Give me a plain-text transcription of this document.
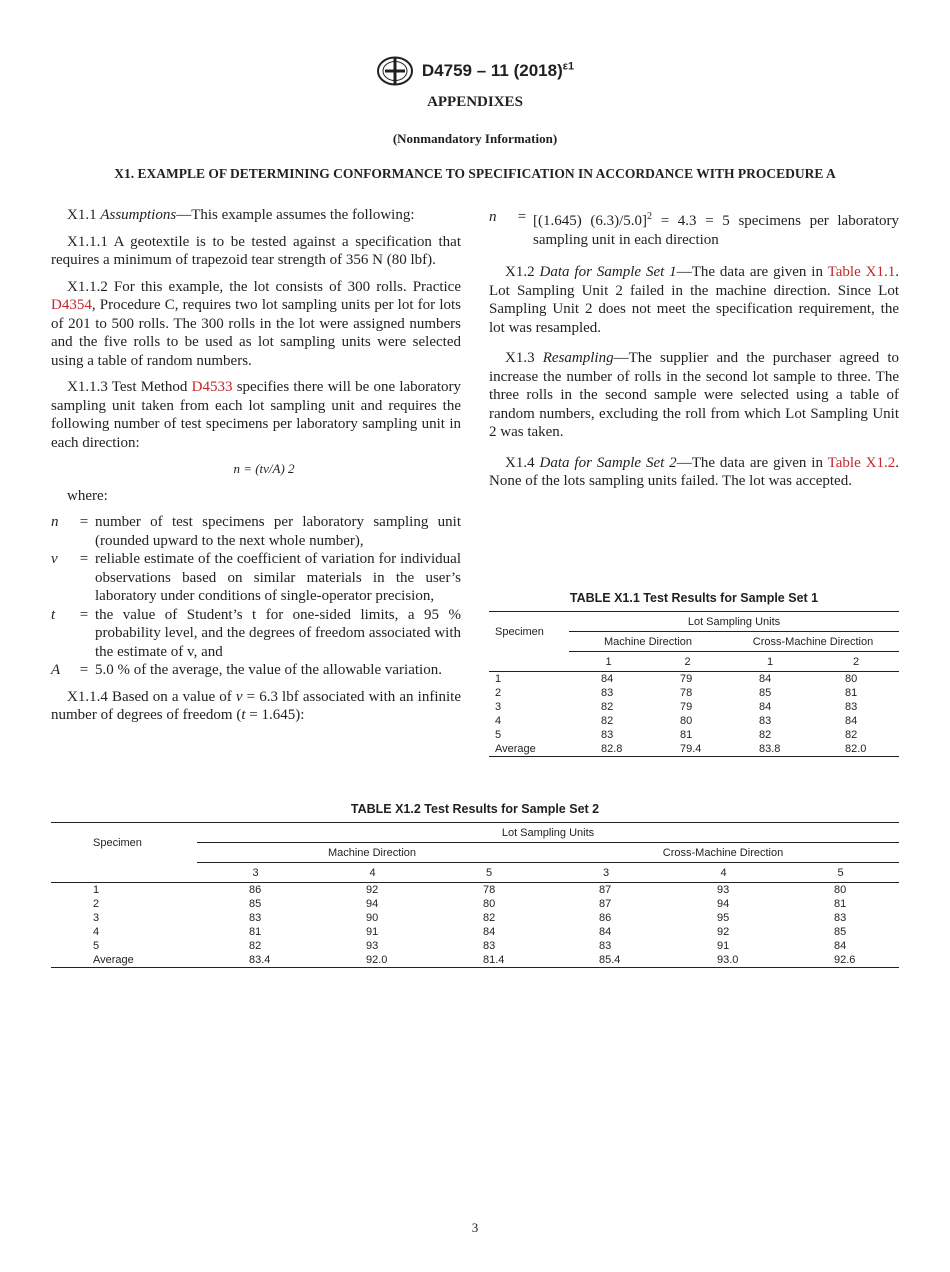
D4759 – 11 $(2018)^{\varepsilon 1}$
APPENDIXES
(Nonmandatory Information)
X1. EXAMPLE OF DETERMINING CONFORMANCE TO SPECIFICATION IN ACCORDANCE WITH PROCEDURE A

X1.1 Assumptions—This example assumes the following:

X1.1.1 A geotextile is to be tested against a specification that requires a minimum of trapezoid tear strength of 356 N (80 lbf).

X1.1.2 For this example, the lot consists of 300 rolls. Practice D4354, Procedure C, requires two lot sampling units per lot for lots of 201 to 500 rolls. The 300 rolls in the lot were assigned numbers and the five rolls to be used as lot sampling units were selected using a table of random numbers.

X1.1.3 Test Method D4533 specifies there will be one laboratory sampling unit taken from each lot sampling unit and requires the following number of test specimens per laboratory sampling unit in each direction:

n = (tv/A) 2

where:

n	= number of test specimens per laboratory sampling unit (rounded upward to the next whole number),
v	= reliable estimate of the coefficient of variation for individual observations based on similar materials in the user’s laboratory under conditions of single-operator precision,
t	= the value of Student’s t for one-sided limits, a 95 % probability level, and the degrees of freedom associated with the estimate of v, and
A	= 5.0 % of the average, the value of the allowable variation.

X1.1.4 Based on a value of v = 6.3 lbf associated with an infinite number of degrees of freedom (t = 1.645):

n	= [(1.645) (6.3)/5.0]$^2$ = 4.3 = 5 specimens per laboratory sampling unit in each direction

X1.2 Data for Sample Set 1—The data are given in Table X1.1. Lot Sampling Unit 2 failed in the machine direction. Since Lot Sampling Unit 2 does not meet the specification requirement, the lot was resampled.

X1.3 Resampling—The supplier and the purchaser agreed to increase the number of rolls in the second lot sample to three. The three rolls in the second sample were selected using a table of random numbers, excluding the roll from which Lot Sampling Unit 2 was taken.

X1.4 Data for Sample Set 2—The data are given in Table X1.2. None of the lots sampling units failed. The lot was accepted.

TABLE X1.1 Test Results for Sample Set 1
Specimen	Lot Sampling Units			
	Machine Direction		Cross-Machine Direction	
	1	2	1	2
1	84	79	84	80
2	83	78	85	81
3	82	79	84	83
4	82	80	83	84
5	83	81	82	82
Average	82.8	79.4	83.8	82.0
TABLE X1.2 Test Results for Sample Set 2
Specimen	Lot Sampling Units					
	Machine Direction			Cross-Machine Direction		
	3	4	5	3	4	5
1	86	92	78	87	93	80
2	85	94	80	87	94	81
3	83	90	82	86	95	83
4	81	91	84	84	92	85
5	82	93	83	83	91	84
Average	83.4	92.0	81.4	85.4	93.0	92.6
3
